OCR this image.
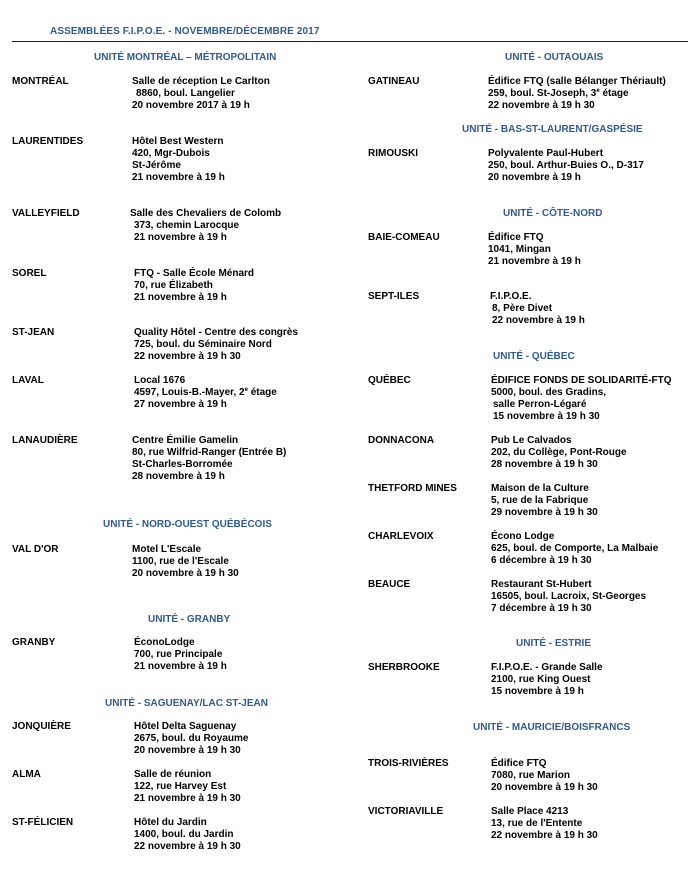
ASSEMBLÉES F.I.P.O.E. - NOVEMBRE/DÉCEMBRE 2017
UNITÉ MONTRÉAL – MÉTROPOLITAIN
MONTRÉAL	Salle de réception Le Carlton
8860, boul. Langelier
20 novembre 2017 à 19 h
LAURENTIDES	Hôtel Best Western
420, Mgr-Dubois
St-Jérôme
21 novembre à 19 h
VALLEYFIELD	Salle des Chevaliers de Colomb
373, chemin Larocque
21 novembre à 19 h
SOREL	FTQ - Salle École Ménard
70, rue Élizabeth
21 novembre à 19 h
ST-JEAN	Quality Hôtel - Centre des congrès
725, boul. du Séminaire Nord
22 novembre à 19 h 30
LAVAL	Local 1676
4597, Louis-B.-Mayer, 2e étage
27 novembre à 19 h
LANAUDIÈRE	Centre Émilie Gamelin
80, rue Wilfrid-Ranger (Entrée B)
St-Charles-Borromée
28 novembre à 19 h
UNITÉ - NORD-OUEST QUÉBÉCOIS
VAL D'OR	Motel L'Escale
1100, rue de l'Escale
20 novembre à 19 h 30
UNITÉ - GRANBY
GRANBY	ÉconoLodge
700, rue Principale
21 novembre à 19 h
UNITÉ - SAGUENAY/LAC ST-JEAN
JONQUIÈRE	Hôtel Delta Saguenay
2675, boul. du Royaume
20 novembre à 19 h 30
ALMA	Salle de réunion
122, rue Harvey Est
21 novembre à 19 h 30
ST-FÉLICIEN	Hôtel du Jardin
1400, boul. du Jardin
22 novembre à 19 h 30
UNITÉ - OUTAOUAIS
GATINEAU	Édifice FTQ (salle Bélanger Thériault)
259, boul. St-Joseph, 3e étage
22 novembre à 19 h 30
UNITÉ - BAS-ST-LAURENT/GASPÉSIE
RIMOUSKI	Polyvalente Paul-Hubert
250, boul. Arthur-Buies O., D-317
20 novembre à 19 h
UNITÉ - CÔTE-NORD
BAIE-COMEAU	Édifice FTQ
1041, Mingan
21 novembre à 19 h
SEPT-ILES	F.I.P.O.E.
8, Père Divet
22 novembre à 19 h
UNITÉ - QUÉBEC
QUÉBEC	ÉDIFICE FONDS DE SOLIDARITÉ-FTQ
5000, boul. des Gradins,
salle Perron-Légaré
15 novembre à 19 h 30
DONNACONA	Pub Le Calvados
202, du Collège, Pont-Rouge
28 novembre à 19 h 30
THETFORD MINES	Maison de la Culture
5, rue de la Fabrique
29 novembre à 19 h 30
CHARLEVOIX	Écono Lodge
625, boul. de Comporte, La Malbaie
6 décembre à 19 h 30
BEAUCE	Restaurant St-Hubert
16505, boul. Lacroix, St-Georges
7 décembre à 19 h 30
UNITÉ - ESTRIE
SHERBROOKE	F.I.P.O.E. - Grande Salle
2100, rue King Ouest
15 novembre à 19 h
UNITÉ - MAURICIE/BOISFRANCS
TROIS-RIVIÈRES	Édifice FTQ
7080, rue Marion
20 novembre à 19 h 30
VICTORIAVILLE	Salle Place 4213
13, rue de l'Entente
22 novembre à 19 h 30
